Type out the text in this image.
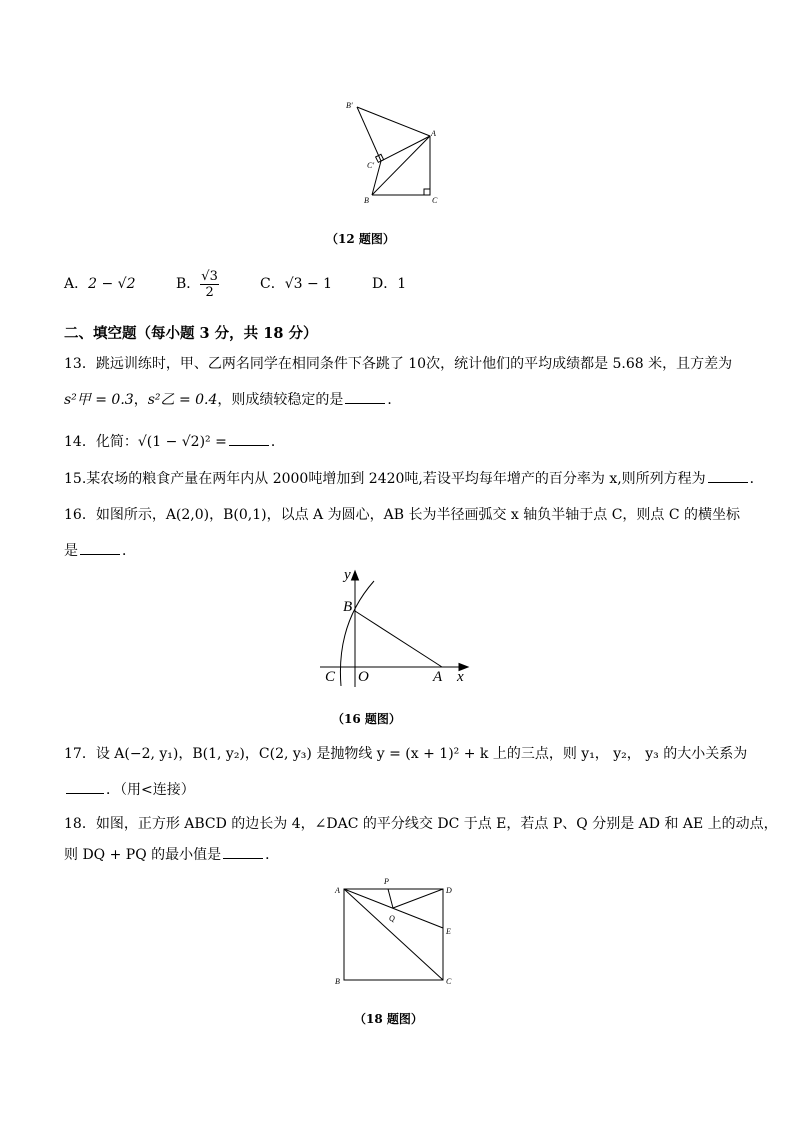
B′
A
C′
B	C
（12 题图）
A．2 − √2	B． $\frac{√3}{2}$	C．√3 − 1	D．1
二、填空题（每小题 3 分，共 18 分）
13．跳远训练时，甲、乙两名同学在相同条件下各跳了 10次，统计他们的平均成绩都是 5.68 米，且方差为
s²甲 = 0.3，s²乙 = 0.4，则成绩较稳定的是	．
14．化简：√(1 − √2)² =	．
15.某农场的粮食产量在两年内从 2000吨增加到 2420吨,若设平均每年增产的百分率为 x,则所列方程为	．
16．如图所示，A(2,0)，B(0,1)，以点 A 为圆心，AB 长为半径画弧交 x 轴负半轴于点 C，则点 C 的横坐标
是	．
y
B
C O	A x
（16 题图）
17．设 A(−2, y₁)，B(1, y₂)，C(2, y₃) 是抛物线 y = (x + 1)² + k 上的三点，则 y₁， y₂， y₃ 的大小关系为
．（用<连接）
18．如图，正方形 ABCD 的边长为 4，∠DAC 的平分线交 DC 于点 E，若点 P、Q 分别是 AD 和 AE 上的动点，
则 DQ + PQ 的最小值是	．
A
P
D
Q
E
B	C
（18 题图）
